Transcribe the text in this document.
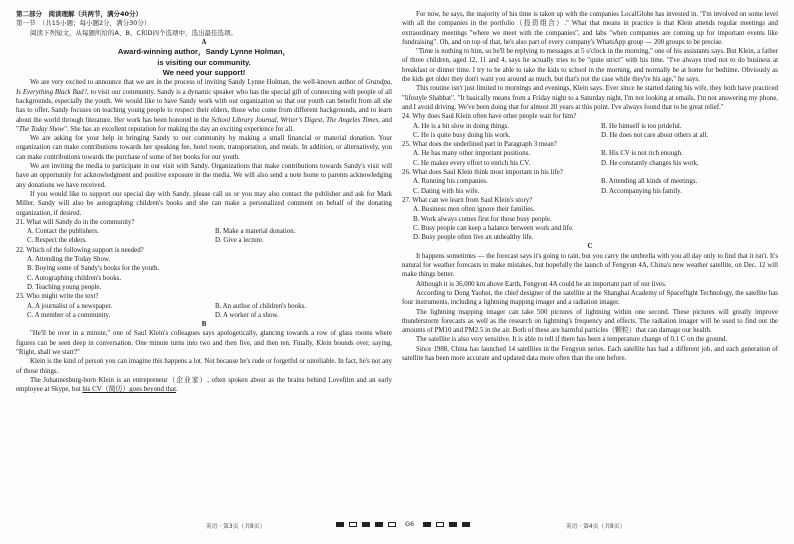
第二部分　阅读理解（共两节，满分40分）

第一节　（共15小题；每小题2分，满分30分）

阅读下列短文，从每题所给的A、B、C和D四个选项中，选出最佳选项。

A

Award-winning author，Sandy Lynne Holman，

is visiting our community.

We need your support!

We are very excited to announce that we are in the process of inviting Sandy Lynne Holman, the well-known author of Grandpa, Is Everything Black Bad?, to visit our community. Sandy is a dynamic speaker who has the special gift of connecting with people of all backgrounds, especially the youth. We would like to have Sandy work with our organization so that our youth can benefit from all she has to offer. Sandy focuses on teaching young people to respect their elders, those who come from different backgrounds, and to learn about the world through literature. Her work has been honored in the School Library Journal, Writer's Digest, The Angeles Times, and "The Today Show". She has an excellent reputation for making the day an exciting experience for all.

We are asking for your help in bringing Sandy to our community by making a small financial or material donation. Your organization can make contributions towards her speaking fee, hotel room, transportation, and meals. In addition, or alternatively, you can make contributions towards the purchase of some of her books for our youth.

We are inviting the media to participate in our visit with Sandy. Organizations that make contributions towards Sandy's visit will have an opportunity for acknowledgment and positive exposure in the media. We will also send a note home to parents acknowledging any donations we have received.

If you would like to support our special day with Sandy, please call us or you may also contact the publisher and ask for Mark Miller. Sandy will also be autographing children's books and she can make a personalized comment on behalf of the donating organization, if desired.

21. What will Sandy do in the community?

A. Contact the publishers.	B. Make a material donation.
C. Respect the elders.	D. Give a lecture.

22. Which of the following support is needed?

A. Attending the Today Show.

B. Buying some of Sandy's books for the youth.

C. Autographing children's books.

D. Teaching young people.

23. Who might write the text?

A. A journalist of a newspaper.	B. An author of children's books.
C. A member of a community.	D. A worker of a show.

B

"He'll be over in a minute," one of Saul Klein's colleagues says apologetically, glancing towards a row of glass rooms where figures can be seen deep in conversation. One minute turns into two and then five, and then ten. Finally, Klein bounds over, saying, "Right, shall we start?"

Klein is the kind of person you can imagine this happens a lot. Not because he's rude or forgetful or unreliable. In fact, he's not any of those things.

The Johannesburg-born Klein is an entrepreneur（企业家）, often spoken about as the brains behind Lovefilm and an early employee at Skype, but his CV（简历）goes beyond that.

For now, he says, the majority of his time is taken up with the companies LocalGlobe has invested in. "I'm involved on some level with all the companies in the portfolio（投资组合）." What that means in practice is that Klein attends regular meetings and extraordinary meetings "where we meet with the companies", and labs "when companies are coming up for important events like fundraising". Oh, and on top of that, he's also part of every company's WhatsApp group — 200 groups to be precise.

"Time is nothing to him, so he'll be replying to messages at 5 o'clock in the morning," one of his assistants says. But Klein, a father of three children, aged 12, 11 and 4, says he actually tries to be "quite strict" with his time. "I've always tried not to do business at breakfast or dinner time. I try to be able to take the kids to school in the morning, and normally be at home for bedtime. Obviously as the kids get older they don't want you around as much, but that's not the case while they're his age," he says.

This routine isn't just limited to mornings and evenings, Klein says. Ever since he started dating his wife, they both have practiced "lifestyle Shabbat". "It basically means from a Friday night to a Saturday night, I'm not looking at emails, I'm not answering my phone, and I avoid driving. We've been doing that for almost 20 years at this point. I've always found that to be great relief."

24. Why does Saul Klein often have other people wait for him?

A. He is a bit slow in doing things.	B. He himself is too prideful.
C. He is quite busy doing his work.	D. He does not care about others at all.

25. What does the underlined part in Paragraph 3 mean?

A. He has many other important positions.	B. His CV is not rich enough.
C. He makes every effort to enrich his CV.	D. He constantly changes his work.

26. What does Saul Klein think most important in his life?

A. Running his companies.	B. Attending all kinds of meetings.
C. Dating with his wife.	D. Accompanying his family.

27. What can we learn from Saul Klein's story?

A. Business men often ignore their families.

B. Work always comes first for those busy people.

C. Busy people can keep a balance between work and life.

D. Busy people often live an unhealthy life.

C

It happens sometimes — the forecast says it's going to rain, but you carry the umbrella with you all day only to find that it isn't. It's natural for weather forecasts to make mistakes, but hopefully the launch of Fengyun 4A, China's new weather satellite, on Dec. 12 will make things better.

Although it is 36,000 km above Earth, Fengyun 4A could be an important part of our lives.

According to Dong Yaohui, the chief designer of the satellite at the Shanghai Academy of Spaceflight Technology, the satellite has four instruments, including a lightning mapping imager and a radiation imager.

The lightning mapping imager can take 500 pictures of lightning within one second. These pictures will greatly improve thunderstorm forecasts as well as the research on lightning's frequency and effects. The radiation imager will be used to find out the amounts of PM10 and PM2.5 in the air. Both of these are harmful particles（颗粒）that can damage our health.

The satellite is also very sensitive. It is able to tell if there has been a temperature change of 0.1 C on the ground.

Since 1988, China has launched 14 satellites in the Fengyun series. Each satellite has had a different job, and each generation of satellite has been more accurate and updated data more often than the one before.

英语 · 第3页（共8页）	G6	英语 · 第4页（共8页）
